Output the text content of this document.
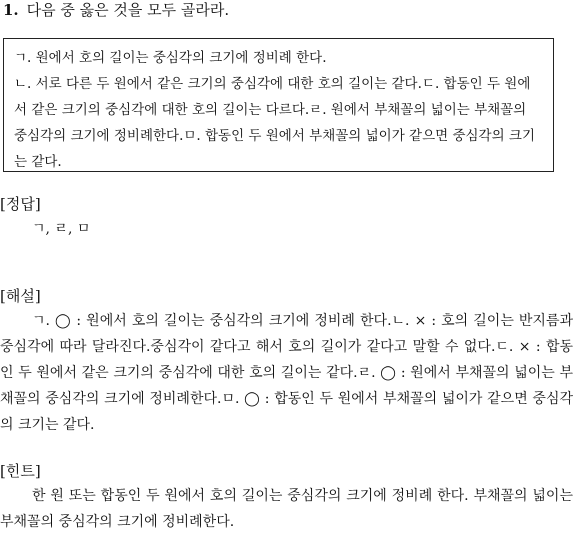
1. 다음 중 옳은 것을 모두 골라라.
ㄱ. 원에서 호의 길이는 중심각의 크기에 정비례 한다.
ㄴ. 서로 다른 두 원에서 같은 크기의 중심각에 대한 호의 길이는 같다.ㄷ. 합동인 두 원에서 같은 크기의 중심각에 대한 호의 길이는 다르다.ㄹ. 원에서 부채꼴의 넓이는 부채꼴의 중심각의 크기에 정비례한다.ㅁ. 합동인 두 원에서 부채꼴의 넓이가 같으면 중심각의 크기는 같다.
[정답]
ㄱ, ㄹ, ㅁ
[해설]
ㄱ. ◯ : 원에서 호의 길이는 중심각의 크기에 정비례 한다.ㄴ. × : 호의 길이는 반지름과 중심각에 따라 달라진다.중심각이 같다고 해서 호의 길이가 같다고 말할 수 없다.ㄷ. × : 합동인 두 원에서 같은 크기의 중심각에 대한 호의 길이는 같다.ㄹ. ◯ : 원에서 부채꼴의 넓이는 부채꼴의 중심각의 크기에 정비례한다.ㅁ. ◯ : 합동인 두 원에서 부채꼴의 넓이가 같으면 중심각의 크기는 같다.
[힌트]
한 원 또는 합동인 두 원에서 호의 길이는 중심각의 크기에 정비례 한다. 부채꼴의 넓이는 부채꼴의 중심각의 크기에 정비례한다.
